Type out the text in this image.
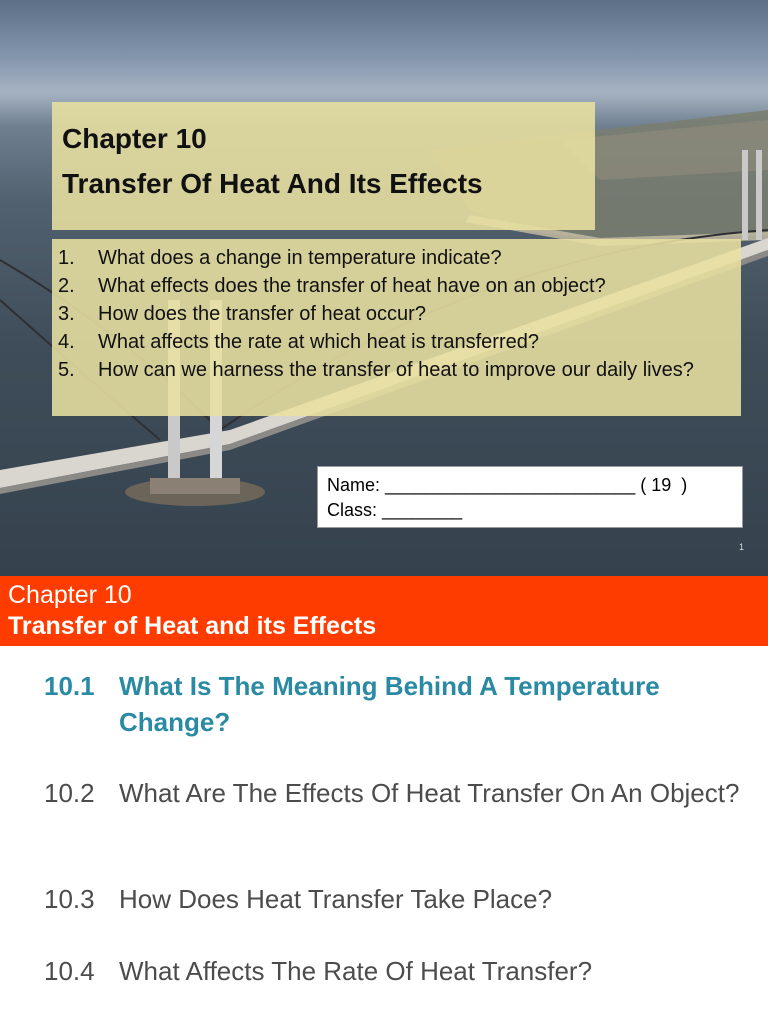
Chapter 10
Transfer Of Heat And Its Effects
1.	What does a change in temperature indicate?
2.	What effects does the transfer of heat have on an object?
3.	How does the transfer of heat occur?
4.	What affects the rate at which heat is transferred?
5.	How can we harness the transfer of heat to improve our daily lives?
Name: _________________________ ( 19  )
Class: ________
1
Chapter 10
Transfer of Heat and its Effects
10.1 What Is The Meaning Behind A Temperature Change?
10.2 What Are The Effects Of Heat Transfer On An Object?
10.3 How Does Heat Transfer Take Place?
10.4 What Affects The Rate Of Heat Transfer?
